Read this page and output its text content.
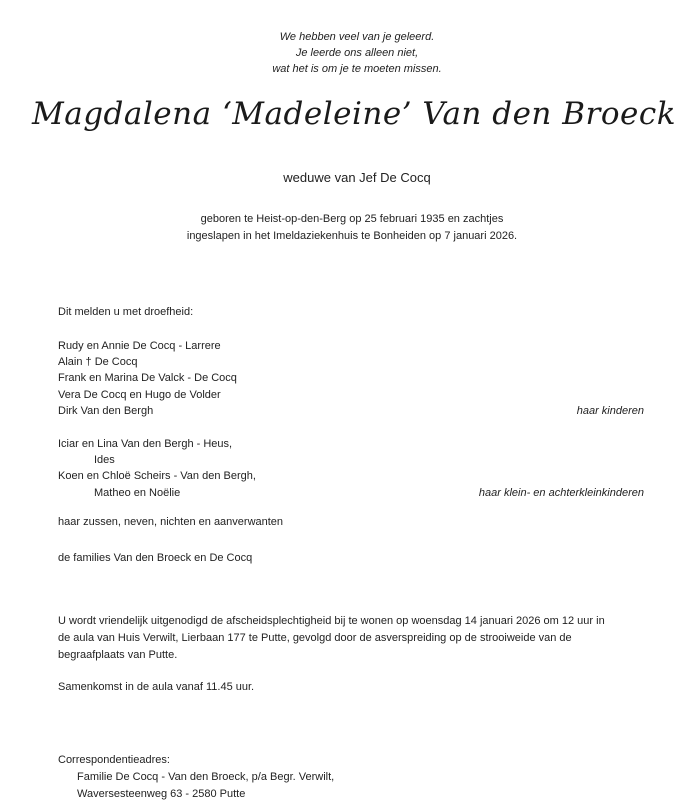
We hebben veel van je geleerd.
Je leerde ons alleen niet,
wat het is om je te moeten missen.
Magdalena ‘Madeleine’ Van den Broeck
weduwe van Jef De Cocq
geboren te Heist-op-den-Berg op 25 februari 1935 en zachtjes
ingeslapen in het Imeldaziekenhuis te Bonheiden op 7 januari 2026.
Dit melden u met droefheid:
Rudy en Annie De Cocq - Larrere
Alain † De Cocq
Frank en Marina De Valck - De Cocq
Vera De Cocq en Hugo de Volder
Dirk Van den Bergh	haar kinderen
Iciar en Lina Van den Bergh - Heus,
Ides
Koen en Chloë Scheirs - Van den Bergh,
Matheo en Noëlie	haar klein- en achterkleinkinderen
haar zussen, neven, nichten en aanverwanten
de families Van den Broeck en De Cocq
U wordt vriendelijk uitgenodigd de afscheidsplechtigheid bij te wonen op woensdag 14 januari 2026 om 12 uur in
de aula van Huis Verwilt, Lierbaan 177 te Putte, gevolgd door de asverspreiding op de strooiweide van de
begraafplaats van Putte.
Samenkomst in de aula vanaf 11.45 uur.
Correspondentieadres:
Familie De Cocq - Van den Broeck, p/a Begr. Verwilt,
Waversesteenweg 63 - 2580 Putte
